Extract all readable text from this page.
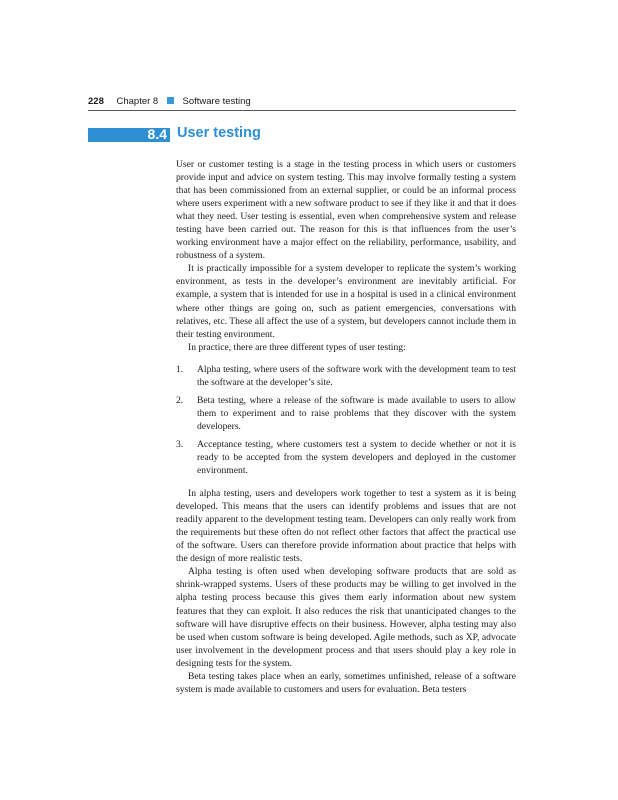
228 Chapter 8	Software testing
8.4 User testing

User or customer testing is a stage in the testing process in which users or customers provide input and advice on system testing. This may involve formally testing a system that has been commissioned from an external supplier, or could be an informal process where users experiment with a new software product to see if they like it and that it does what they need. User testing is essential, even when comprehensive system and release testing have been carried out. The reason for this is that influences from the user’s working environment have a major effect on the reliability, performance, usability, and robustness of a system.

It is practically impossible for a system developer to replicate the system’s working environment, as tests in the developer’s environment are inevitably artificial. For example, a system that is intended for use in a hospital is used in a clinical environment where other things are going on, such as patient emergencies, conversations with relatives, etc. These all affect the use of a system, but developers cannot include them in their testing environment.

In practice, there are three different types of user testing:

1. Alpha testing, where users of the software work with the development team to test the software at the developer’s site.
2. Beta testing, where a release of the software is made available to users to allow them to experiment and to raise problems that they discover with the system developers.
3. Acceptance testing, where customers test a system to decide whether or not it is ready to be accepted from the system developers and deployed in the customer environment.

In alpha testing, users and developers work together to test a system as it is being developed. This means that the users can identify problems and issues that are not readily apparent to the development testing team. Developers can only really work from the requirements but these often do not reflect other factors that affect the practical use of the software. Users can therefore provide information about practice that helps with the design of more realistic tests.

Alpha testing is often used when developing software products that are sold as shrink-wrapped systems. Users of these products may be willing to get involved in the alpha testing process because this gives them early information about new system features that they can exploit. It also reduces the risk that unanticipated changes to the software will have disruptive effects on their business. However, alpha testing may also be used when custom software is being developed. Agile methods, such as XP, advocate user involvement in the development process and that users should play a key role in designing tests for the system.

Beta testing takes place when an early, sometimes unfinished, release of a software system is made available to customers and users for evaluation. Beta testers
